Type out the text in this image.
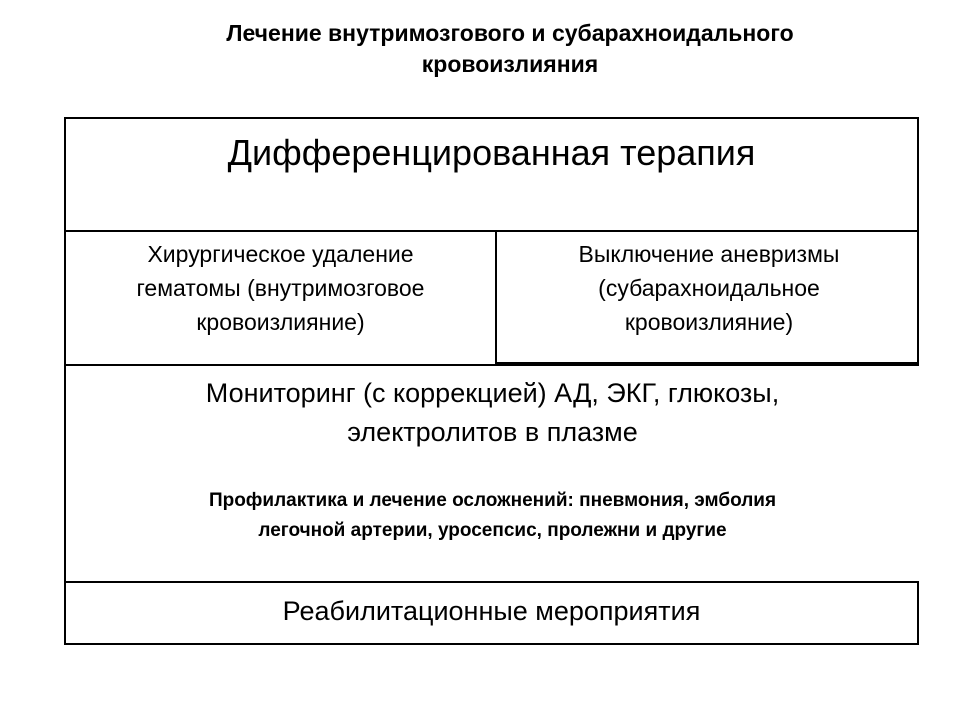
Лечение внутримозгового и субарахноидального
кровоизлияния
Дифференцированная терапия
Хирургическое удаление
гематомы (внутримозговое
кровоизлияние)
Выключение аневризмы
(субарахноидальное
кровоизлияние)
Мониторинг (с коррекцией) АД, ЭКГ, глюкозы,
электролитов в плазме
Профилактика и лечение осложнений: пневмония, эмболия
легочной артерии, уросепсис, пролежни и другие
Реабилитационные мероприятия
